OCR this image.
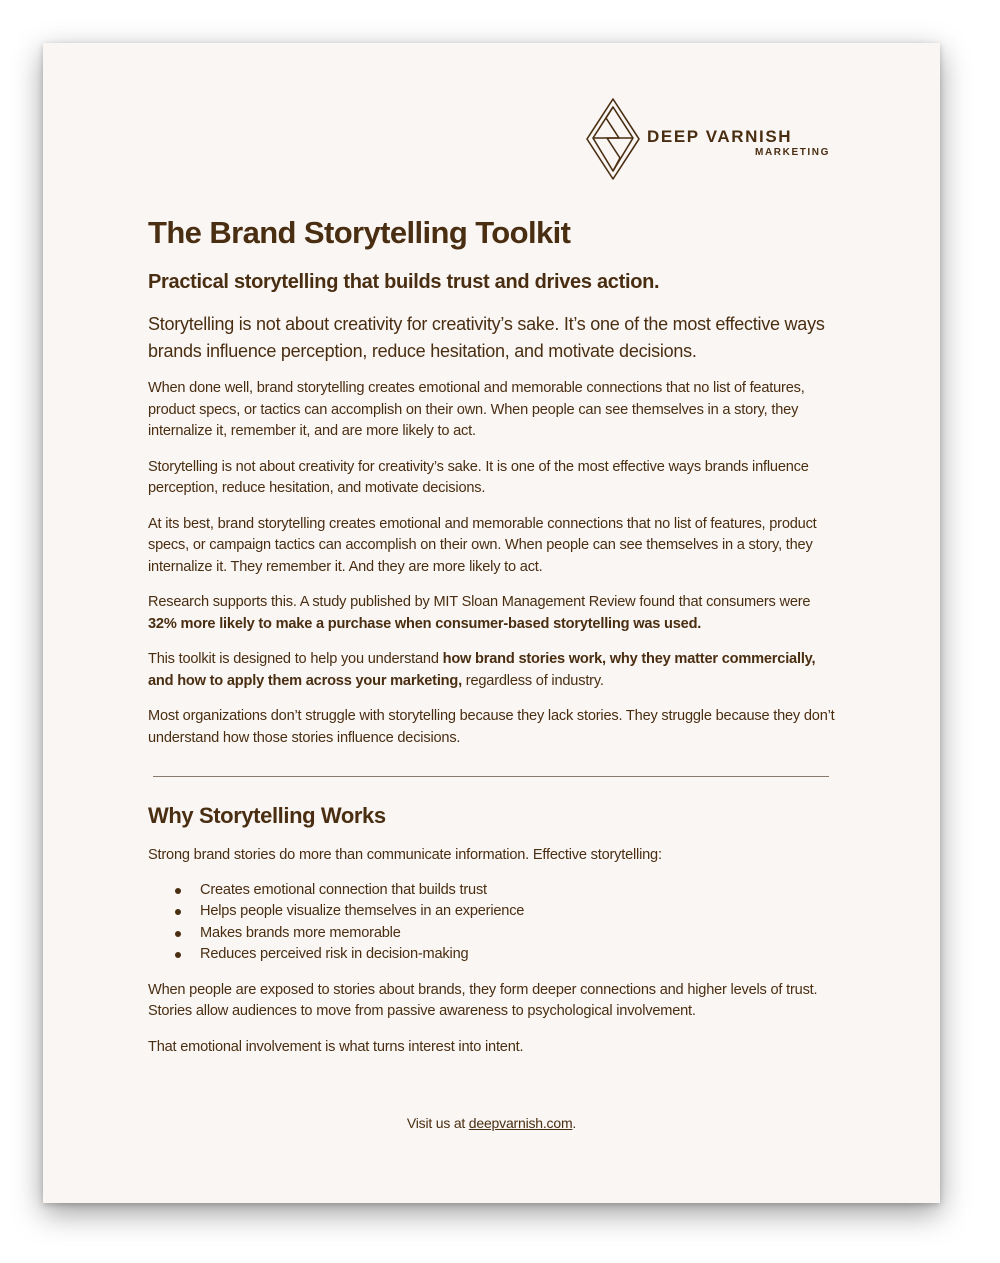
DEEP VARNISH
MARKETING
The Brand Storytelling Toolkit
Practical storytelling that builds trust and drives action.
Storytelling is not about creativity for creativity’s sake. It’s one of the most effective ways brands influence perception, reduce hesitation, and motivate decisions.

When done well, brand storytelling creates emotional and memorable connections that no list of features, product specs, or tactics can accomplish on their own. When people can see themselves in a story, they internalize it, remember it, and are more likely to act.

Storytelling is not about creativity for creativity’s sake. It is one of the most effective ways brands influence perception, reduce hesitation, and motivate decisions.

At its best, brand storytelling creates emotional and memorable connections that no list of features, product specs, or campaign tactics can accomplish on their own. When people can see themselves in a story, they internalize it. They remember it. And they are more likely to act.

Research supports this. A study published by MIT Sloan Management Review found that consumers were 32% more likely to make a purchase when consumer-based storytelling was used.

This toolkit is designed to help you understand how brand stories work, why they matter commercially, and how to apply them across your marketing, regardless of industry.

Most organizations don’t struggle with storytelling because they lack stories. They struggle because they don’t understand how those stories influence decisions.

Why Storytelling Works

Strong brand stories do more than communicate information. Effective storytelling:

Creates emotional connection that builds trust
Helps people visualize themselves in an experience
Makes brands more memorable
Reduces perceived risk in decision-making

When people are exposed to stories about brands, they form deeper connections and higher levels of trust. Stories allow audiences to move from passive awareness to psychological involvement.

That emotional involvement is what turns interest into intent.

Visit us at deepvarnish.com.
